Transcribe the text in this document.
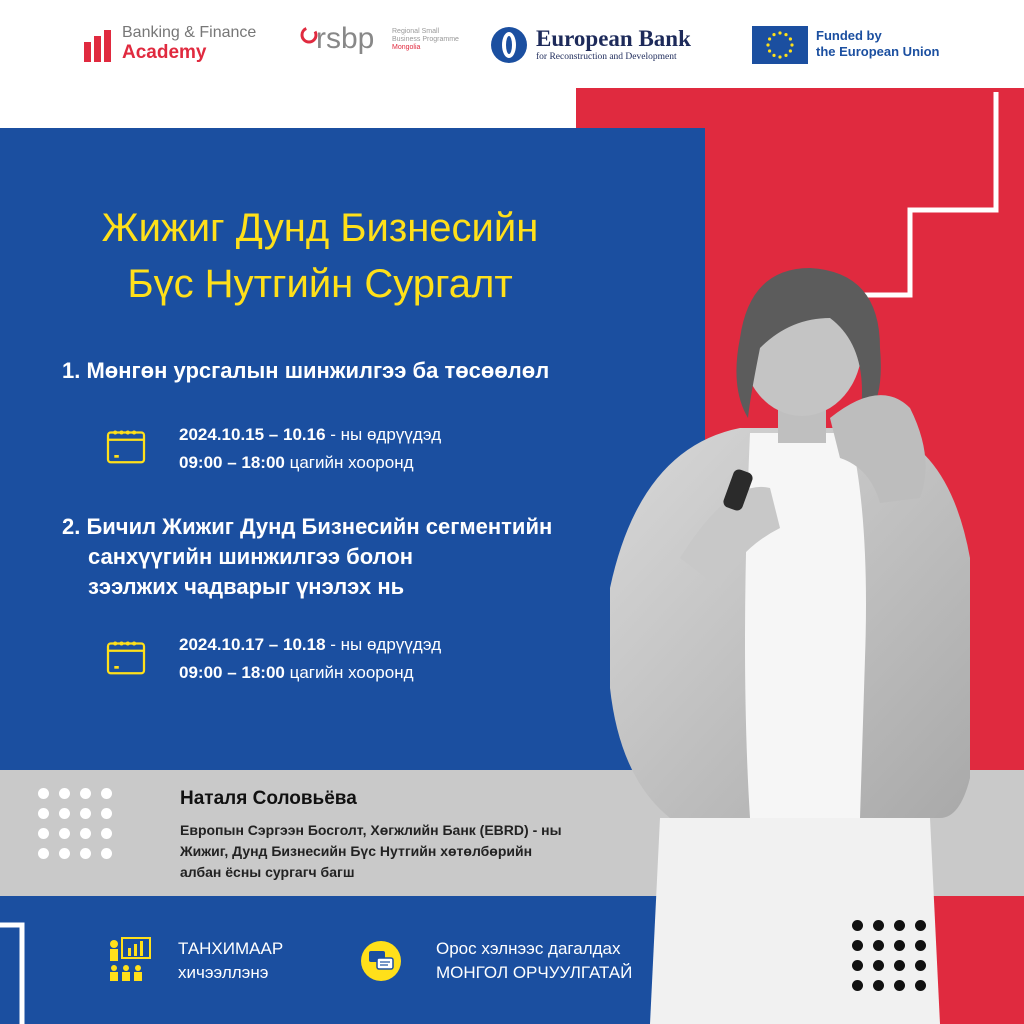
Banking & Finance
Academy	rsbp	Regional Small
Business Programme
Mongolia	European Bank
for Reconstruction and Development
Funded by
the European Union
Жижиг Дунд Бизнесийн
Бүс Нутгийн Сургалт
1. Мөнгөн урсгалын шинжилгээ ба төсөөлөл
2024.10.15 – 10.16 - ны өдрүүдэд
09:00 – 18:00 цагийн хооронд
2. Бичил Жижиг Дунд Бизнесийн сегментийн
санхүүгийн шинжилгээ болон
зээлжих чадварыг үнэлэх нь
2024.10.17 – 10.18 - ны өдрүүдэд
09:00 – 18:00 цагийн хооронд
Наталя Соловьёва
Европын Сэргээн Босголт, Хөгжлийн Банк (EBRD) - ны
Жижиг, Дунд Бизнесийн Бүс Нутгийн хөтөлбөрийн
албан ёсны сургагч багш
ТАНХИМААР
хичээллэнэ
Орос хэлнээс дагалдах
МОНГОЛ ОРЧУУЛГАТАЙ
